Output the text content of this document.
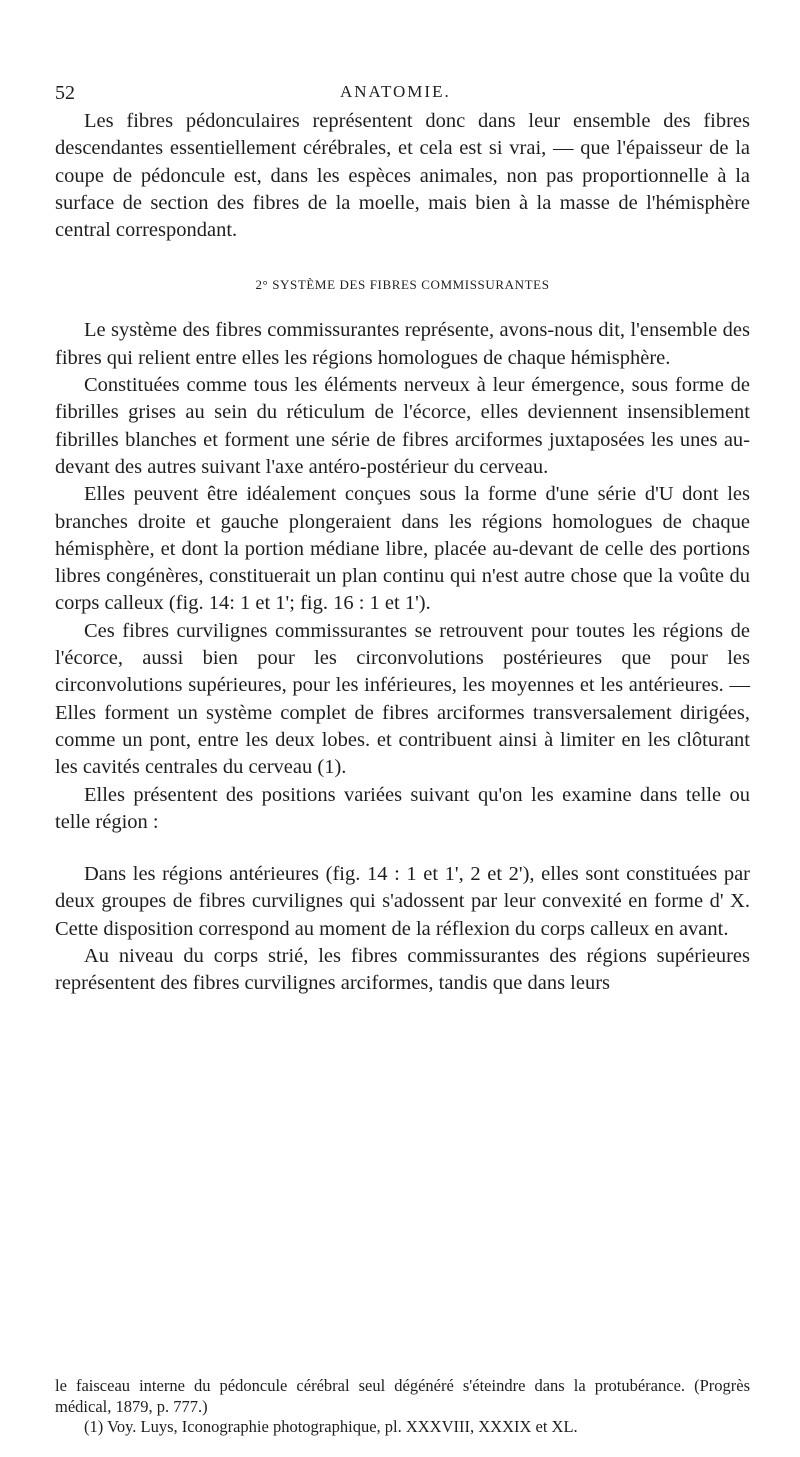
52	ANATOMIE.

Les fibres pédonculaires représentent donc dans leur ensemble des fibres descendantes essentiellement cérébrales, et cela est si vrai, — que l'épaisseur de la coupe de pédoncule est, dans les espèces animales, non pas proportionnelle à la surface de section des fibres de la moelle, mais bien à la masse de l'hémisphère central correspondant.

2° SYSTÈME DES FIBRES COMMISSURANTES

Le système des fibres commissurantes représente, avons-nous dit, l'ensemble des fibres qui relient entre elles les régions homologues de chaque hémisphère.

Constituées comme tous les éléments nerveux à leur émergence, sous forme de fibrilles grises au sein du réticulum de l'écorce, elles deviennent insensiblement fibrilles blanches et forment une série de fibres arciformes juxtaposées les unes au-devant des autres suivant l'axe antéro-postérieur du cerveau.

Elles peuvent être idéalement conçues sous la forme d'une série d'U dont les branches droite et gauche plongeraient dans les régions homologues de chaque hémisphère, et dont la portion médiane libre, placée au-devant de celle des portions libres congénères, constituerait un plan continu qui n'est autre chose que la voûte du corps calleux (fig. 14: 1 et 1'; fig. 16 : 1 et 1').

Ces fibres curvilignes commissurantes se retrouvent pour toutes les régions de l'écorce, aussi bien pour les circonvolutions postérieures que pour les circonvolutions supérieures, pour les inférieures, les moyennes et les antérieures. — Elles forment un système complet de fibres arciformes transversalement dirigées, comme un pont, entre les deux lobes. et contribuent ainsi à limiter en les clôturant les cavités centrales du cerveau (1).

Elles présentent des positions variées suivant qu'on les examine dans telle ou telle région :

Dans les régions antérieures (fig. 14 : 1 et 1', 2 et 2'), elles sont constituées par deux groupes de fibres curvilignes qui s'adossent par leur convexité en forme d' X. Cette disposition correspond au moment de la réflexion du corps calleux en avant.

Au niveau du corps strié, les fibres commissurantes des régions supérieures représentent des fibres curvilignes arciformes, tandis que dans leurs

le faisceau interne du pédoncule cérébral seul dégénéré s'éteindre dans la protubérance. (Progrès médical, 1879, p. 777.)

(1) Voy. Luys, Iconographie photographique, pl. XXXVIII, XXXIX et XL.
